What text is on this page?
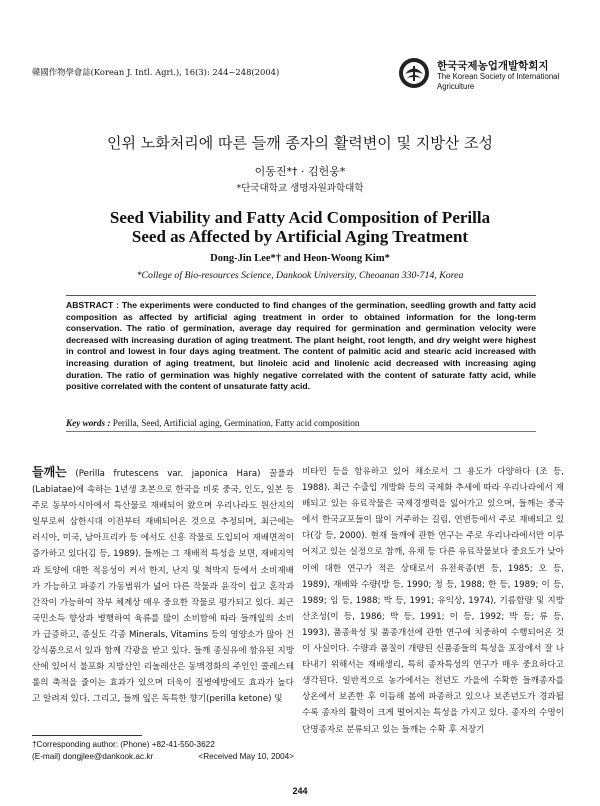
韓國作物學會誌(Korean J. Intl. Agri.), 16(3): 244~248(2004)	한국국제농업개발학회지
The Korean Society of International
Agriculture
인위 노화처리에 따른 들깨 종자의 활력변이 및 지방산 조성
이동진*† · 김헌웅*
*단국대학교 생명자원과학대학
Seed Viability and Fatty Acid Composition of Perilla
Seed as Affected by Artificial Aging Treatment
Dong-Jin Lee*† and Heon-Woong Kim*
*College of Bio-resources Science, Dankook University, Cheoanan 330-714, Korea
ABSTRACT : The experiments were conducted to find changes of the germination, seedling growth and fatty acid composition as affected by artificial aging treatment in order to obtained information for the long-term conservation. The ratio of germination, average day required for germination and germination velocity were decreased with increasing duration of aging treatment. The plant height, root length, and dry weight were highest in control and lowest in four days aging treatment. The content of palmitic acid and stearic acid increased with increasing duration of aging treatment, but linoleic acid and linolenic acid decreased with increasing aging duration. The ratio of germination was highly negative correlated with the content of saturate fatty acid, while positive correlated with the content of unsaturate fatty acid.
Key words : Perilla, Seed, Artificial aging, Germination, Fatty acid composition
들깨는 (Perilla frutescens var. japonica Hara) 꿀풀과(Labiatae)에 속하는 1년생 초본으로 한국을 비롯 중국, 인도, 일본 등 주로 동부아시아에서 특산물로 재배되어 왔으며 우리나라도 원산지의 일부로써 삼한시대 이전부터 재배되어온 것으로 추정되며, 최근에는 러시아, 미국, 남아프리카 등 에서도 신흥 작물로 도입되어 재배면적이 증가하고 있다(김 등, 1989). 들깨는 그 재배적 특성을 보면, 재배지역과 토양에 대한 적응성이 커서 한지, 난지 및 척박지 등에서 소비재배가 가능하고 파종기 가동범위가 넓어 다른 작물과 윤작이 쉽고 혼작과 간작이 가능하여 작부 체계상 매우 중요한 작물로 평가되고 있다. 최근 국민소득 향상과 병행하여 육류를 많이 소비함에 따라 들깨잎의 소비가 급증하고, 종실도 각종 Minerals, Vitamins 등의 영양소가 많아 건강식품으로서 있과 함께 각광을 받고 있다. 들깨 종실유에 함유된 지방산에 있어서 불포화 지방산인 리놀레산은 동맥경화의 주인인 콜레스테롤의 축적을 줄이는 효과가 있으며 더욱이 질병예방에도 효과가 높다고 알려져 있다. 그리고, 들깨 잎은 독특한 향기(perilla ketone) 및
비타민 등을 함유하고 있어 채소로서 그 용도가 다양하다 (조 등, 1988). 최근 수출입 개방화 등의 국제화 추세에 따라 우리나라에서 재배되고 있는 유료작물은 국제경쟁력을 잃어가고 있으며, 들깨는 중국에서 한국교포들이 많이 거주하는 길림, 연변등에서 주로 재배되고 있다(강 등, 2000). 현재 들깨에 관한 연구는 주로 우리나라에서만 이루어지고 있는 실정으로 참깨, 유채 등 다른 유료작물보다 중요도가 낮아 이에 대한 연구가 적은 상태로서 유전육종(변 등, 1985; 오 등, 1989), 재배와 수량(방 등, 1990; 정 등, 1988; 한 등, 1989; 이 등, 1989; 임 등, 1988; 박 등, 1991; 유익상, 1974), 기름함량 및 지방산조성(이 등, 1986; 박 등, 1991; 이 등, 1992; 박 등; 류 등, 1993), 품종육성 및 품종개선에 관한 연구에 치중하여 수행되어온 것이 사실이다. 수량과 품질이 개량된 신품종들의 특성을 포장에서 잘 나타내기 위해서는 재배생리, 특히 종자특성의 연구가 매우 중요하다고 생각된다. 일반적으로 농가에서는 전년도 가을에 수확한 들깨종자를 상온에서 보존한 후 이듬해 봄에 파종하고 있으나 보존년도가 경과될수록 종자의 활력이 크게 떨어지는 특성을 가지고 있다. 종자의 수명이 단명종자로 분류되고 있는 들깨는 수확 후 저장기
†Corresponding author: (Phone) +82-41-550-3622
(E-mail) dongjlee@dankook.ac.kr	<Received May 10, 2004>
244
